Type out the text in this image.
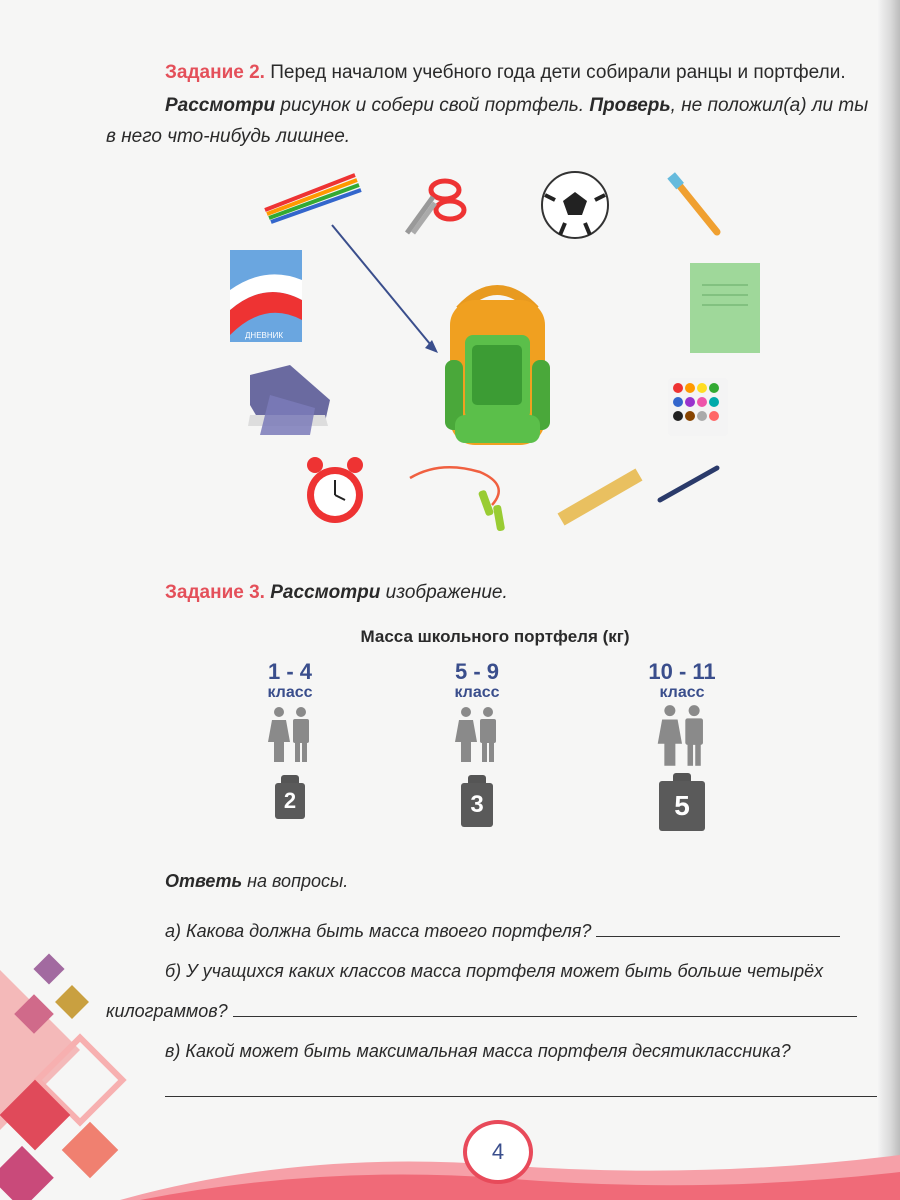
Задание 2. Перед началом учебного года дети собирали ранцы и портфели.
Рассмотри рисунок и собери свой портфель. Проверь, не положил(а) ли ты
в него что-нибудь лишнее.
ДНЕВНИК
Задание 3. Рассмотри изображение.
Масса школьного портфеля (кг)
1 - 4
класс
2
5 - 9
класс
3
10 - 11
класс
5
Ответь на вопросы.
а) Какова должна быть масса твоего портфеля?
б) У учащихся каких классов масса портфеля может быть больше четырёх
килограммов?
в) Какой может быть максимальная масса портфеля десятиклассника?
4
